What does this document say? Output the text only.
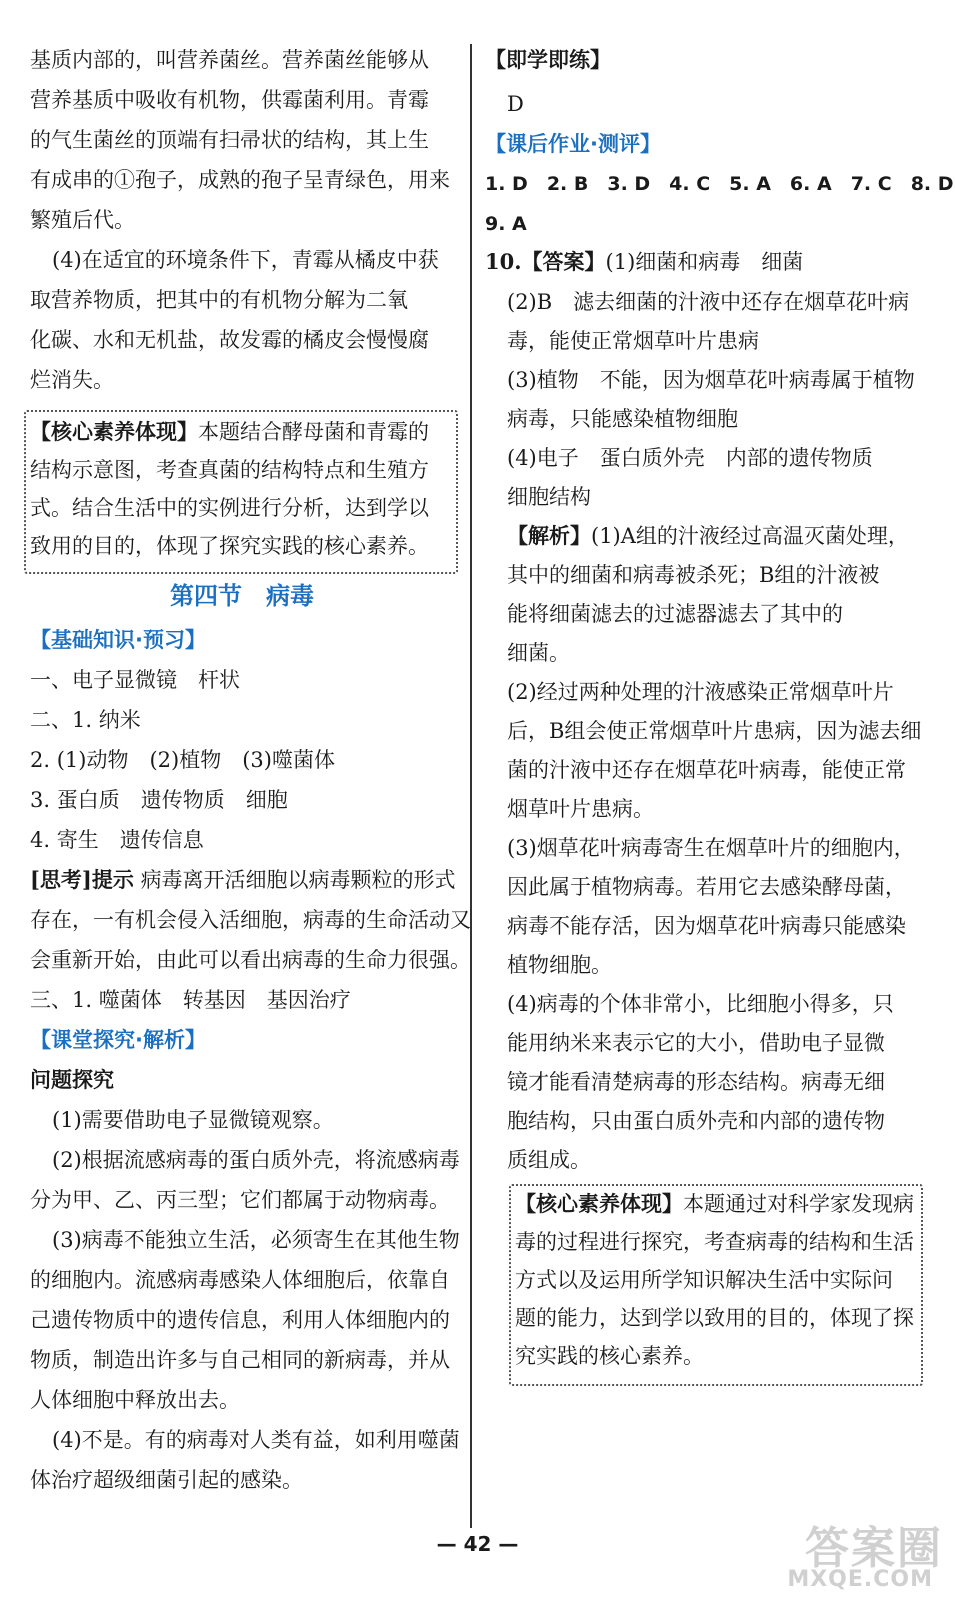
基质内部的，叫营养菌丝。营养菌丝能够从
营养基质中吸收有机物，供霉菌利用。青霉
的气生菌丝的顶端有扫帚状的结构，其上生
有成串的①孢子，成熟的孢子呈青绿色，用来
繁殖后代。
(4)在适宜的环境条件下，青霉从橘皮中获
取营养物质，把其中的有机物分解为二氧
化碳、水和无机盐，故发霉的橘皮会慢慢腐
烂消失。
【核心素养体现】本题结合酵母菌和青霉的
结构示意图，考查真菌的结构特点和生殖方
式。结合生活中的实例进行分析，达到学以
致用的目的，体现了探究实践的核心素养。
第四节　病毒
【基础知识·预习】
一、电子显微镜　杆状
二、1. 纳米
2. (1)动物　(2)植物　(3)噬菌体
3. 蛋白质　遗传物质　细胞
4. 寄生　遗传信息
[思考]提示 病毒离开活细胞以病毒颗粒的形式
存在，一有机会侵入活细胞，病毒的生命活动又
会重新开始，由此可以看出病毒的生命力很强。
三、1. 噬菌体　转基因　基因治疗
【课堂探究·解析】
问题探究
(1)需要借助电子显微镜观察。
(2)根据流感病毒的蛋白质外壳，将流感病毒
分为甲、乙、丙三型；它们都属于动物病毒。
(3)病毒不能独立生活，必须寄生在其他生物
的细胞内。流感病毒感染人体细胞后，依靠自
己遗传物质中的遗传信息，利用人体细胞内的
物质，制造出许多与自己相同的新病毒，并从
人体细胞中释放出去。
(4)不是。有的病毒对人类有益，如利用噬菌
体治疗超级细菌引起的感染。
【即学即练】
D
【课后作业·测评】
1. D　2. B　3. D　4. C　5. A　6. A　7. C　8. D
9. A
10.【答案】(1)细菌和病毒　细菌
(2)B　滤去细菌的汁液中还存在烟草花叶病
毒，能使正常烟草叶片患病
(3)植物　不能，因为烟草花叶病毒属于植物
病毒，只能感染植物细胞
(4)电子　蛋白质外壳　内部的遗传物质
细胞结构
【解析】(1)A组的汁液经过高温灭菌处理，
其中的细菌和病毒被杀死；B组的汁液被
能将细菌滤去的过滤器滤去了其中的
细菌。
(2)经过两种处理的汁液感染正常烟草叶片
后，B组会使正常烟草叶片患病，因为滤去细
菌的汁液中还存在烟草花叶病毒，能使正常
烟草叶片患病。
(3)烟草花叶病毒寄生在烟草叶片的细胞内，
因此属于植物病毒。若用它去感染酵母菌，
病毒不能存活，因为烟草花叶病毒只能感染
植物细胞。
(4)病毒的个体非常小，比细胞小得多，只
能用纳米来表示它的大小，借助电子显微
镜才能看清楚病毒的形态结构。病毒无细
胞结构，只由蛋白质外壳和内部的遗传物
质组成。
【核心素养体现】本题通过对科学家发现病
毒的过程进行探究，考查病毒的结构和生活
方式以及运用所学知识解决生活中实际问
题的能力，达到学以致用的目的，体现了探
究实践的核心素养。
— 42 —	答案圈
MXQE.COM
